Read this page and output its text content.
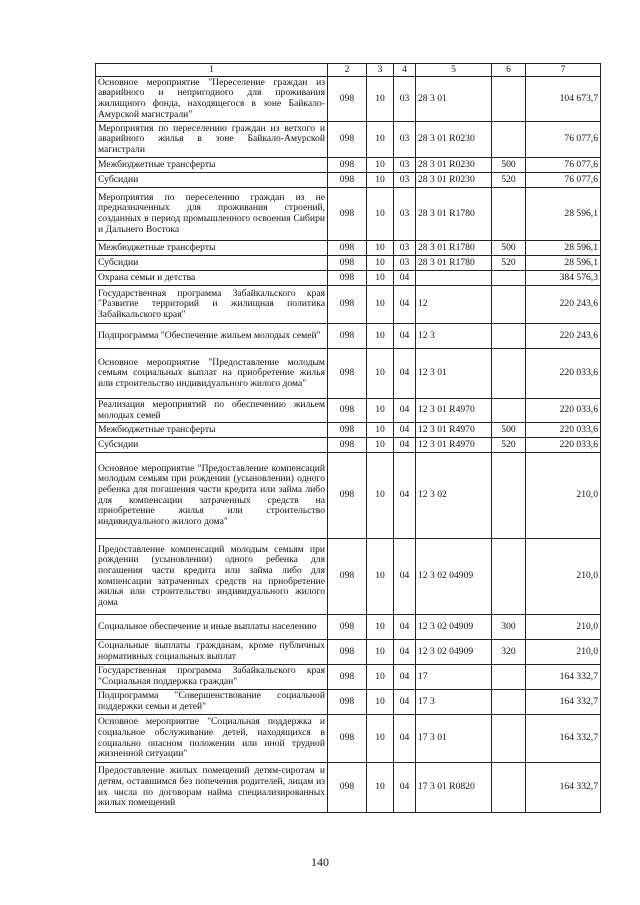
1	2	3	4	5	6	7
Основное мероприятие "Переселение граждан из аварийного и непригодного для проживания жилищного фонда, находящегося в зоне Байкало-Амурской магистрали"	098	10	03	28 3 01		104 673,7
Мероприятия по переселению граждан из ветхого и аварийного жилья в зоне Байкало-Амурской магистрали	098	10	03	28 3 01 R0230		76 077,6
Межбюджетные трансферты	098	10	03	28 3 01 R0230	500	76 077,6
Субсидии	098	10	03	28 3 01 R0230	520	76 077,6
Мероприятия по переселению граждан из не предназначенных для проживания строений, созданных в период промышленного освоения Сибири и Дальнего Востока	098	10	03	28 3 01 R1780		28 596,1
Межбюджетные трансферты	098	10	03	28 3 01 R1780	500	28 596,1
Субсидии	098	10	03	28 3 01 R1780	520	28 596,1
Охрана семьи и детства	098	10	04			384 576,3
Государственная программа Забайкальского края "Развитие территорий и жилищная политика Забайкальского края"	098	10	04	12		220 243,6
Подпрограмма "Обеспечение жильем молодых семей"	098	10	04	12 3		220 243,6
Основное мероприятие "Предоставление молодым семьям социальных выплат на приобретение жилья или строительство индивидуального жилого дома"	098	10	04	12 3 01		220 033,6
Реализация мероприятий по обеспечению жильем молодых семей	098	10	04	12 3 01 R4970		220 033,6
Межбюджетные трансферты	098	10	04	12 3 01 R4970	500	220 033,6
Субсидии	098	10	04	12 3 01 R4970	520	220 033,6
Основное мероприятие "Предоставление компенсаций молодым семьям при рождении (усыновлении) одного ребенка для погашения части кредита или займа либо для компенсации затраченных средств на приобретение жилья или строительство индивидуального жилого дома"	098	10	04	12 3 02		210,0
Предоставление компенсаций молодым семьям при рождении (усыновлении) одного ребенка для погашения части кредита или займа либо для компенсации затраченных средств на приобретение жилья или строительство индивидуального жилого дома	098	10	04	12 3 02 04909		210,0
Социальное обеспечение и иные выплаты населению	098	10	04	12 3 02 04909	300	210,0
Социальные выплаты гражданам, кроме публичных нормативных социальных выплат	098	10	04	12 3 02 04909	320	210,0
Государственная программа Забайкальского края "Социальная поддержка граждан"	098	10	04	17		164 332,7
Подпрограмма "Совершенствование социальной поддержки семьи и детей"	098	10	04	17 3		164 332,7
Основное мероприятие "Социальная поддержка и социальное обслуживание детей, находящихся в социально опасном положении или иной трудной жизненной ситуации"	098	10	04	17 3 01		164 332,7
Предоставление жилых помещений детям-сиротам и детям, оставшимся без попечения родителей, лицам из их числа по договорам найма специализированных жилых помещений	098	10	04	17 3 01 R0820		164 332,7
140
